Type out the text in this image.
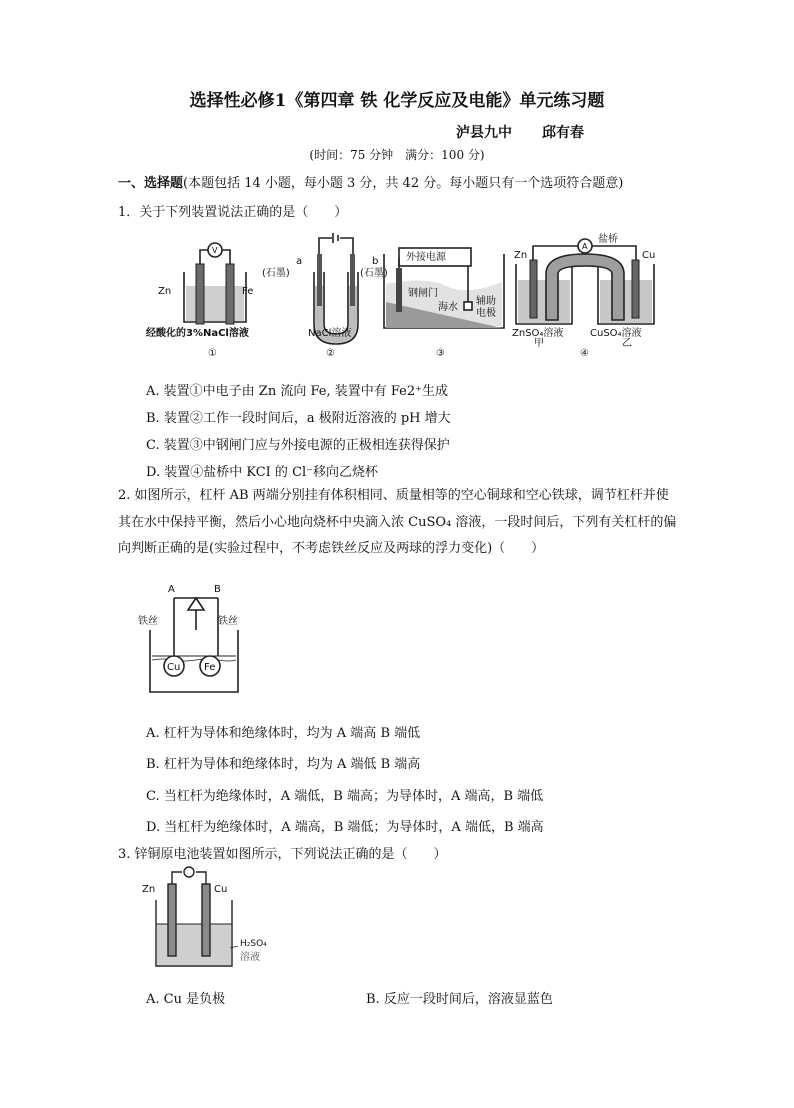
选择性必修1《第四章 铁 化学反应及电能》单元练习题
泸县九中 邱有春
(时间：75 分钟　满分：100 分)
一、选择题(本题包括 14 小题，每小题 3 分，共 42 分。每小题只有一个选项符合题意)
1．关于下列装置说法正确的是（　　）
V
Zn	Fe
经酸化的3%NaCl溶液
①
a	b
(石墨)	(石墨)
NaCl溶液
②
外接电源
钢闸门
海水
辅助
电极
③
A
盐桥
Zn	Cu
ZnSO₄溶液	CuSO₄溶液
甲	乙
④
A. 装置①中电子由 Zn 流向 Fe, 装置中有 Fe2⁺生成
B. 装置②工作一段时间后，a 极附近溶液的 pH 增大
C. 装置③中钢闸门应与外接电源的正极相连获得保护
D. 装置④盐桥中 KCI 的 Cl⁻移向乙烧杯
2. 如图所示，杠杆 AB 两端分别挂有体积相同、质量相等的空心铜球和空心铁球，调节杠杆并使其在水中保持平衡，然后小心地向烧杯中央滴入浓 CuSO₄ 溶液，一段时间后，下列有关杠杆的偏向判断正确的是(实验过程中，不考虑铁丝反应及两球的浮力变化)（　　）
A	B
铁丝	铁丝
Cu Fe
A. 杠杆为导体和绝缘体时，均为 A 端高 B 端低
B. 杠杆为导体和绝缘体时，均为 A 端低 B 端高
C. 当杠杆为绝缘体时，A 端低，B 端高；为导体时，A 端高，B 端低
D. 当杠杆为绝缘体时，A 端高，B 端低；为导体时，A 端低，B 端高
3. 锌铜原电池装置如图所示，下列说法正确的是（　　）
Zn	Cu
H₂SO₄
溶液
A. Cu 是负极	B. 反应一段时间后，溶液显蓝色
